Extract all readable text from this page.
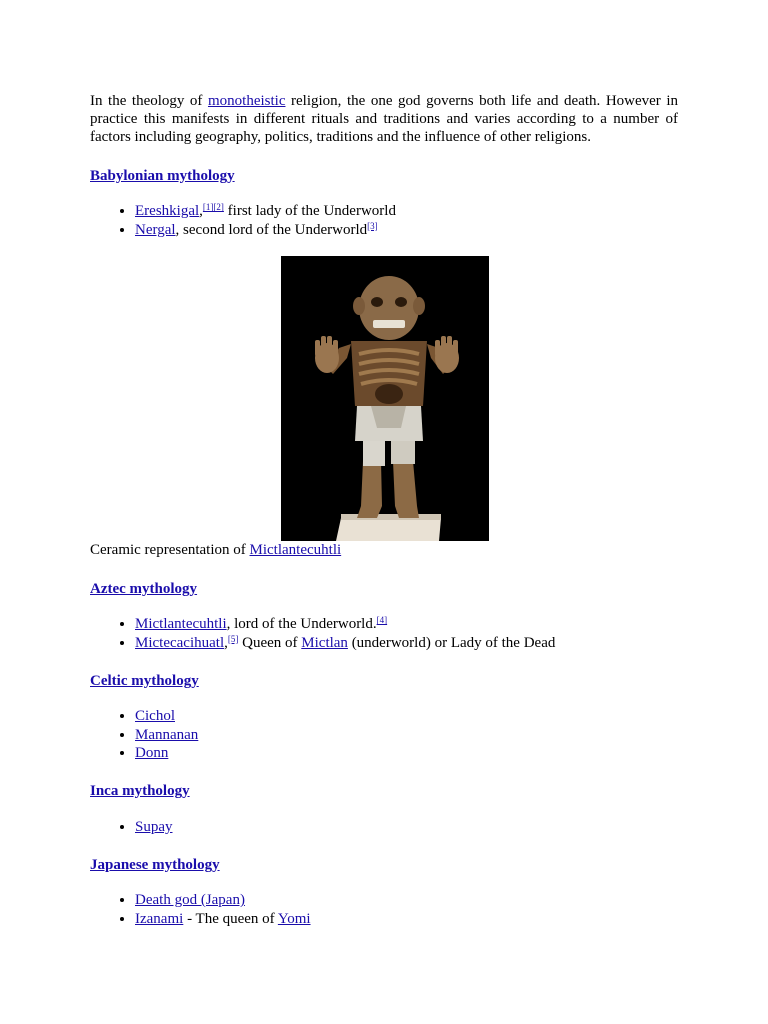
In the theology of monotheistic religion, the one god governs both life and death. However in practice this manifests in different rituals and traditions and varies according to a number of factors including geography, politics, traditions and the influence of other religions.

Babylonian mythology
• Ereshkigal,[1][2] first lady of the Underworld
• Nergal, second lord of the Underworld[3]

Ceramic representation of Mictlantecuhtli

Aztec mythology
• Mictlantecuhtli, lord of the Underworld.[4]
• Mictecacihuatl,[5] Queen of Mictlan (underworld) or Lady of the Dead
Celtic mythology
• Cichol
• Mannanan
• Donn
Inca mythology
• Supay
Japanese mythology
• Death god (Japan)
• Izanami - The queen of Yomi
